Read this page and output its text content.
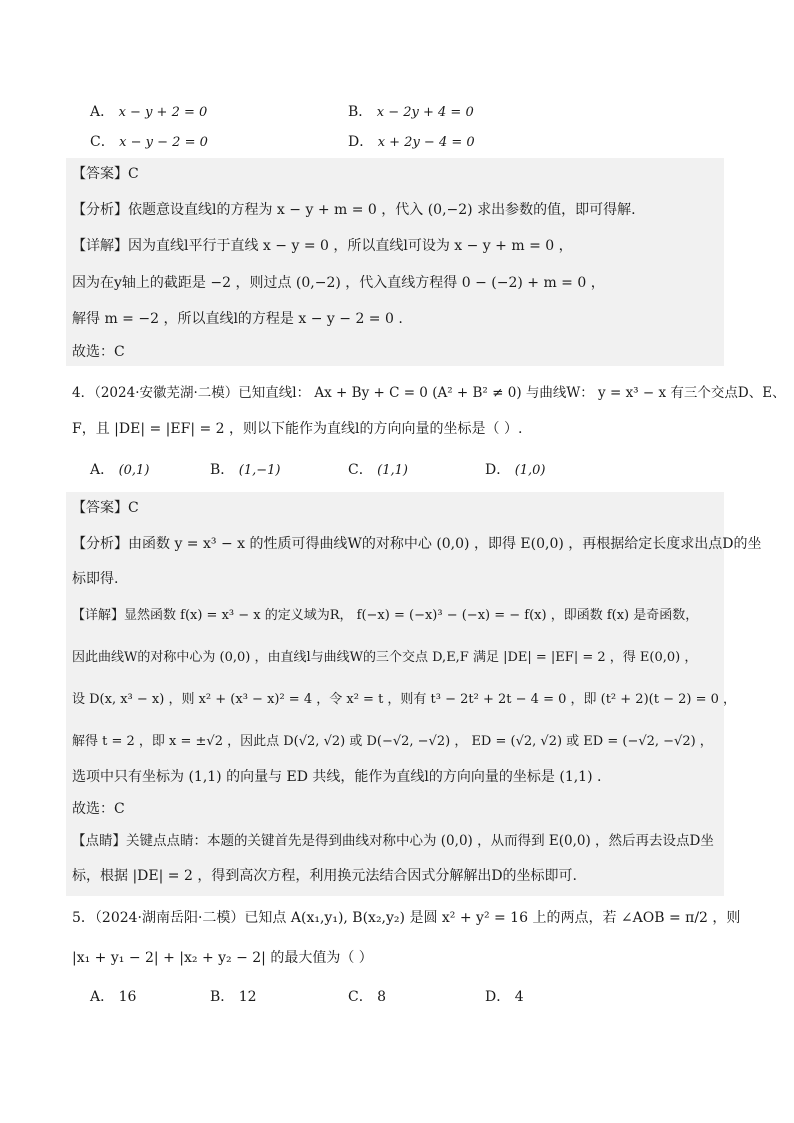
A． x − y + 2 = 0	B． x − 2y + 4 = 0
C． x − y − 2 = 0	D． x + 2y − 4 = 0
【答案】C
【分析】依题意设直线l的方程为 x − y + m = 0 ，代入 (0,−2) 求出参数的值，即可得解.
【详解】因为直线l平行于直线 x − y = 0 ，所以直线l可设为 x − y + m = 0 ，
因为在y轴上的截距是 −2 ，则过点 (0,−2) ，代入直线方程得 0 − (−2) + m = 0 ，
解得 m = −2 ，所以直线l的方程是 x − y − 2 = 0 .
故选：C
4．（2024·安徽芜湖·二模）已知直线l： Ax + By + C = 0 (A² + B² ≠ 0) 与曲线W： y = x³ − x 有三个交点D、E、
F，且 |DE| = |EF| = 2 ，则以下能作为直线l的方向向量的坐标是（ ）.
A． (0,1)	B． (1,−1)	C． (1,1)	D． (1,0)
【答案】C
【分析】由函数 y = x³ − x 的性质可得曲线W的对称中心 (0,0) ，即得 E(0,0) ，再根据给定长度求出点D的坐
标即得.
【详解】显然函数 f(x) = x³ − x 的定义域为R， f(−x) = (−x)³ − (−x) = − f(x) ，即函数 f(x) 是奇函数，
因此曲线W的对称中心为 (0,0) ，由直线l与曲线W的三个交点 D,E,F 满足 |DE| = |EF| = 2 ，得 E(0,0) ，
设 D(x, x³ − x) ，则 x² + (x³ − x)² = 4 ，令 x² = t ，则有 t³ − 2t² + 2t − 4 = 0 ，即 (t² + 2)(t − 2) = 0 ，
解得 t = 2 ，即 x = ±√2 ，因此点 D(√2, √2) 或 D(−√2, −√2) ， ED = (√2, √2) 或 ED = (−√2, −√2) ，
选项中只有坐标为 (1,1) 的向量与 ED 共线，能作为直线l的方向向量的坐标是 (1,1) .
故选：C
【点睛】关键点点睛：本题的关键首先是得到曲线对称中心为 (0,0) ，从而得到 E(0,0) ，然后再去设点D坐
标，根据 |DE| = 2 ，得到高次方程，利用换元法结合因式分解解出D的坐标即可.
5．（2024·湖南岳阳·二模）已知点 A(x₁,y₁), B(x₂,y₂) 是圆 x² + y² = 16 上的两点，若 ∠AOB = π/2 ，则
|x₁ + y₁ − 2| + |x₂ + y₂ − 2| 的最大值为（ ）
A． 16	B． 12	C． 8	D． 4
